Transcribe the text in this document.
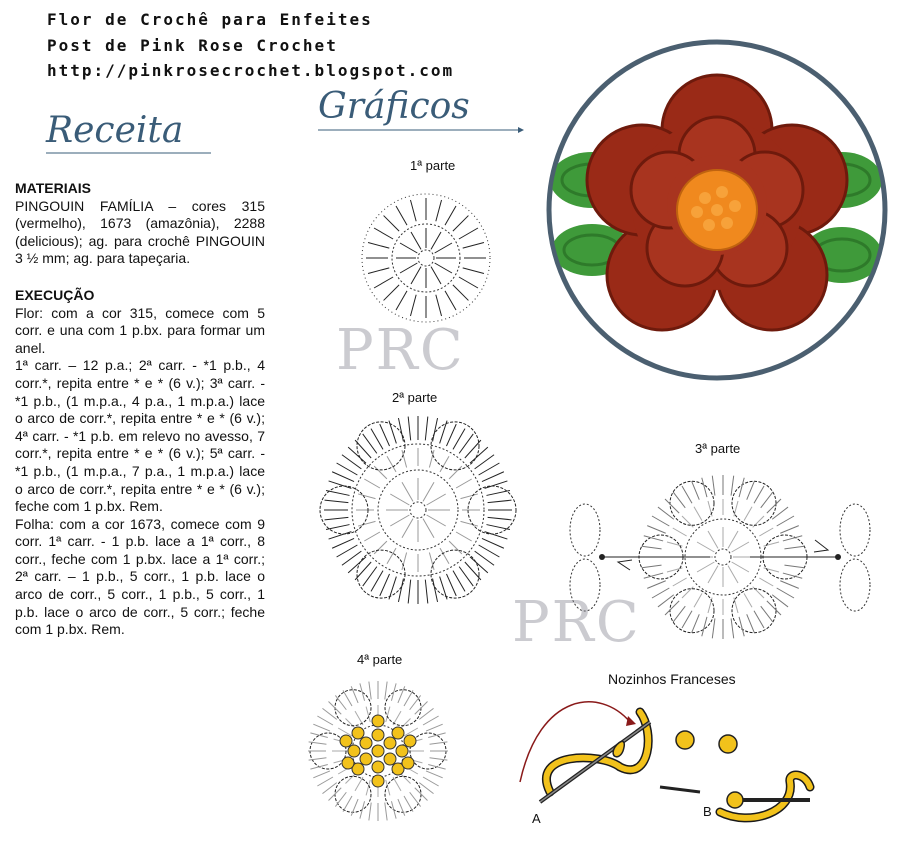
Flor de Crochê para Enfeites
Post de Pink Rose Crochet
http://pinkrosecrochet.blogspot.com
Receita
Gráficos
MATERIAIS

PINGOUIN FAMÍLIA – cores 315 (vermelho), 1673 (amazônia), 2288 (delicious); ag. para crochê PINGOUIN 3 ½ mm; ag. para tapeçaria.

EXECUÇÃO

Flor: com a cor 315, comece com 5 corr. e una com 1 p.bx. para formar um anel.

1ª carr. – 12 p.a.; 2ª carr. - *1 p.b., 4 corr.*, repita entre * e * (6 v.); 3ª carr. - *1 p.b., (1 m.p.a., 4 p.a., 1 m.p.a.) lace o arco de corr.*, repita entre * e * (6 v.); 4ª carr. - *1 p.b. em relevo no avesso, 7 corr.*, repita entre * e * (6 v.); 5ª carr. - *1 p.b., (1 m.p.a., 7 p.a., 1 m.p.a.) lace o arco de corr.*, repita entre * e * (6 v.); feche com 1 p.bx. Rem.

Folha: com a cor 1673, comece com 9 corr. 1ª carr. - 1 p.b. lace a 1ª corr., 8 corr., feche com 1 p.bx. lace a 1ª corr.; 2ª carr. – 1 p.b., 5 corr., 1 p.b. lace o arco de corr., 5 corr., 1 p.b., 5 corr., 1 p.b. lace o arco de corr., 5 corr.; feche com 1 p.bx. Rem.

1ª parte
2ª parte
3ª parte
4ª parte
Nozinhos Franceses
A	B
PRC
PRC
